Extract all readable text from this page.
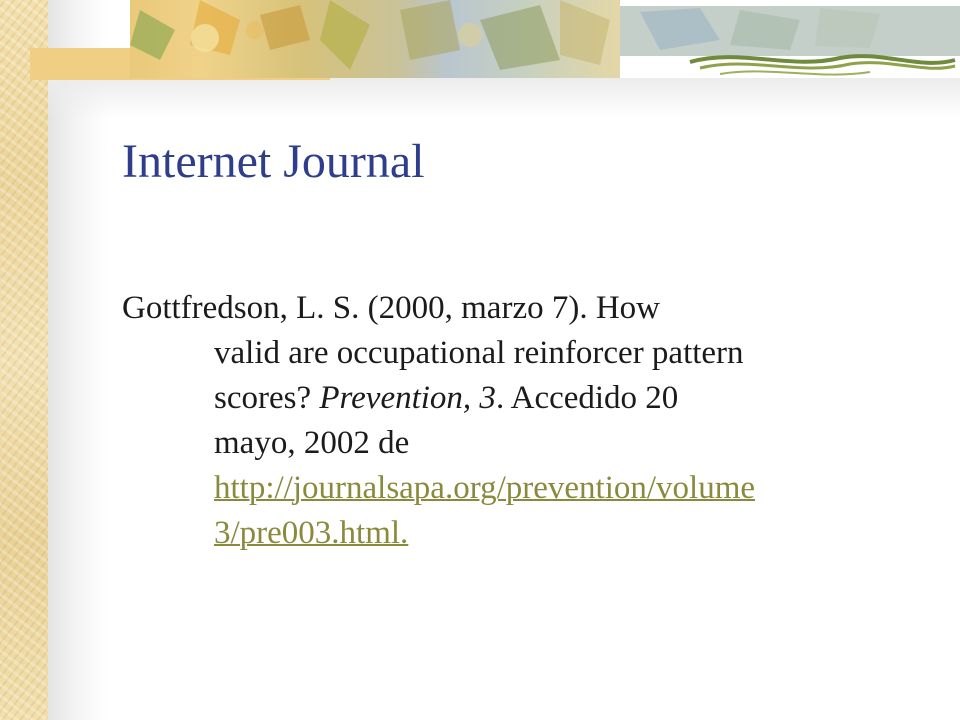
Internet Journal
Gottfredson, L. S. (2000, marzo 7). How
valid are occupational reinforcer pattern
scores? Prevention, 3. Accedido 20
mayo, 2002 de
http://journalsapa.org/prevention/volume
3/pre003.html.
